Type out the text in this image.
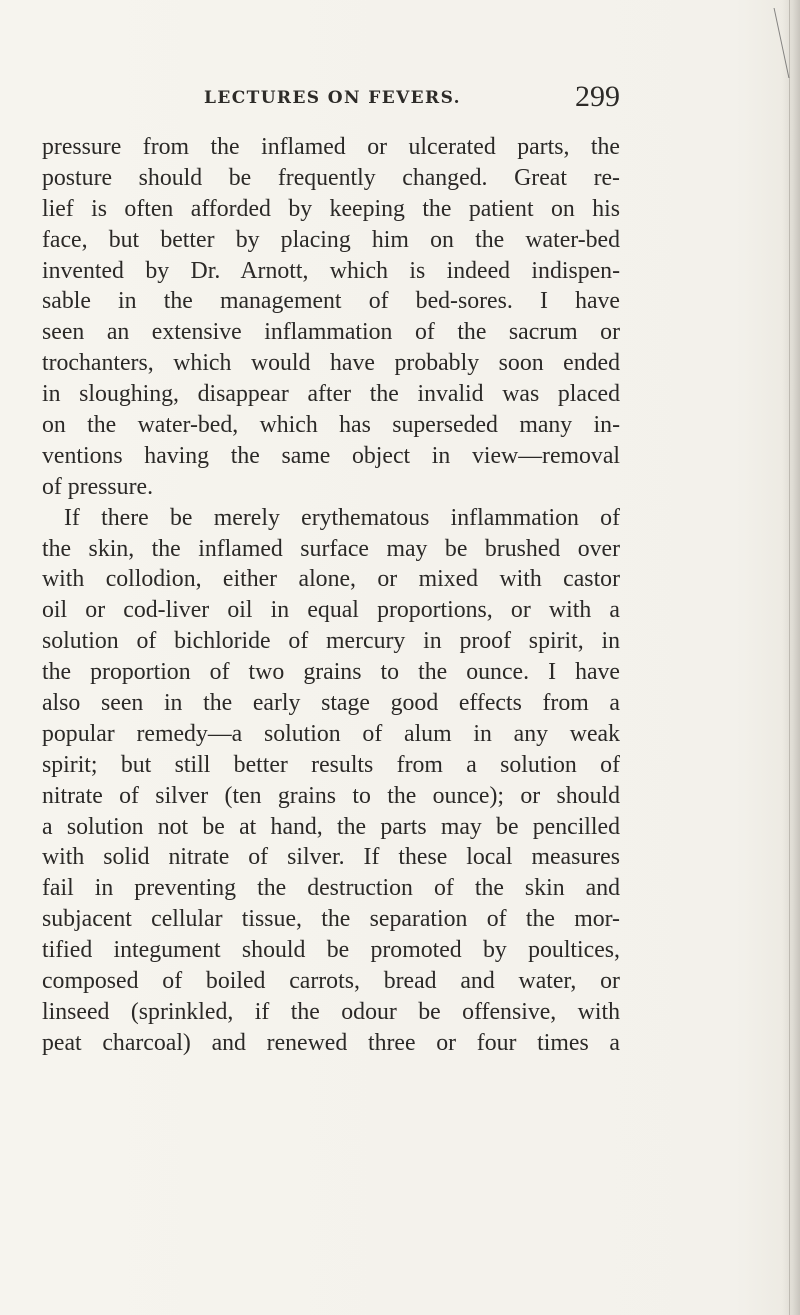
LECTURES ON FEVERS.	299
pressure from the inflamed or ulcerated parts, the
posture should be frequently changed. Great re-
lief is often afforded by keeping the patient on his
face, but better by placing him on the water-bed
invented by Dr. Arnott, which is indeed indispen-
sable in the management of bed-sores. I have
seen an extensive inflammation of the sacrum or
trochanters, which would have probably soon ended
in sloughing, disappear after the invalid was placed
on the water-bed, which has superseded many in-
ventions having the same object in view—removal
of pressure.
If there be merely erythematous inflammation of
the skin, the inflamed surface may be brushed over
with collodion, either alone, or mixed with castor
oil or cod-liver oil in equal proportions, or with a
solution of bichloride of mercury in proof spirit, in
the proportion of two grains to the ounce. I have
also seen in the early stage good effects from a
popular remedy—a solution of alum in any weak
spirit; but still better results from a solution of
nitrate of silver (ten grains to the ounce); or should
a solution not be at hand, the parts may be pencilled
with solid nitrate of silver. If these local measures
fail in preventing the destruction of the skin and
subjacent cellular tissue, the separation of the mor-
tified integument should be promoted by poultices,
composed of boiled carrots, bread and water, or
linseed (sprinkled, if the odour be offensive, with
peat charcoal) and renewed three or four times a
